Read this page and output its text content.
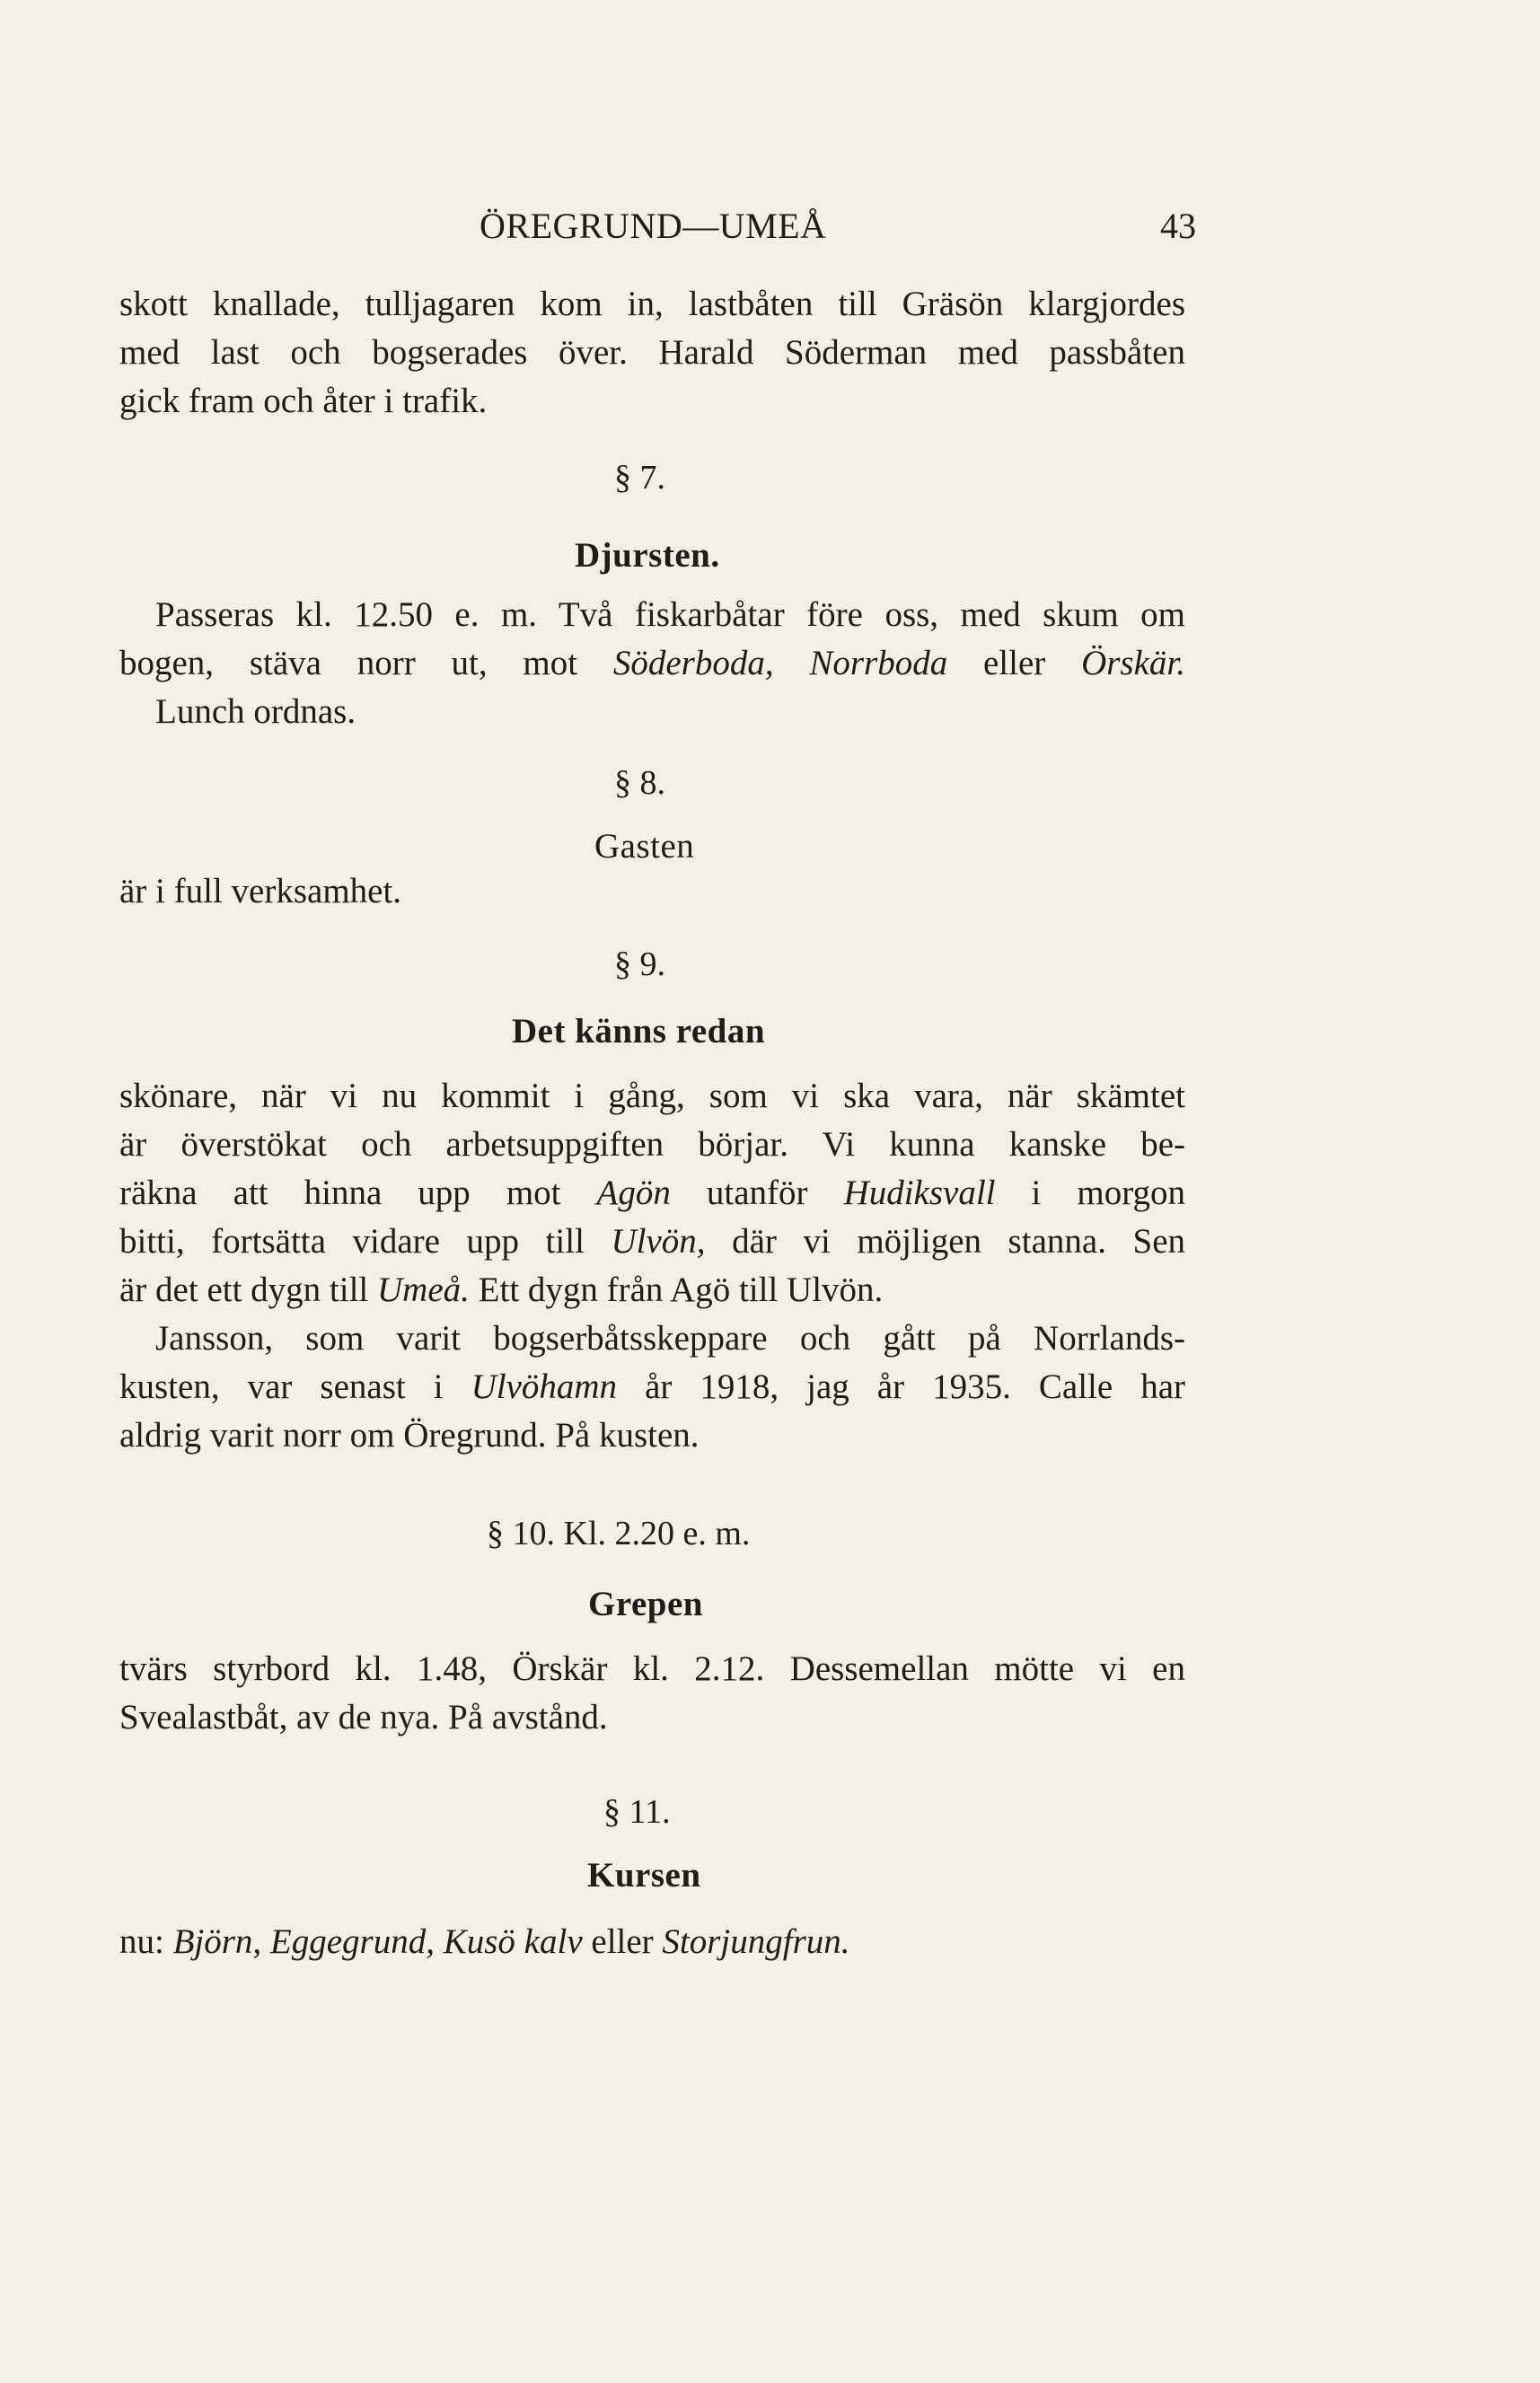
ÖREGRUND—UMEÅ	43
skott knallade, tulljagaren kom in, lastbåten till Gräsön klargjordes
med last och bogserades över. Harald Söderman med passbåten
gick fram och åter i trafik.
§ 7.
Djursten.
Passeras kl. 12.50 e. m. Två fiskarbåtar före oss, med skum om
bogen, stäva norr ut, mot Söderboda, Norrboda eller Örskär.
Lunch ordnas.
§ 8.
Gasten
är i full verksamhet.
§ 9.
Det känns redan
skönare, när vi nu kommit i gång, som vi ska vara, när skämtet
är överstökat och arbetsuppgiften börjar. Vi kunna kanske be-
räkna att hinna upp mot Agön utanför Hudiksvall i morgon
bitti, fortsätta vidare upp till Ulvön, där vi möjligen stanna. Sen
är det ett dygn till Umeå. Ett dygn från Agö till Ulvön.
Jansson, som varit bogserbåtsskeppare och gått på Norrlands-
kusten, var senast i Ulvöhamn år 1918, jag år 1935. Calle har
aldrig varit norr om Öregrund. På kusten.
§ 10. Kl. 2.20 e. m.
Grepen
tvärs styrbord kl. 1.48, Örskär kl. 2.12. Dessemellan mötte vi en
Svealastbåt, av de nya. På avstånd.
§ 11.
Kursen
nu: Björn, Eggegrund, Kusö kalv eller Storjungfrun.
